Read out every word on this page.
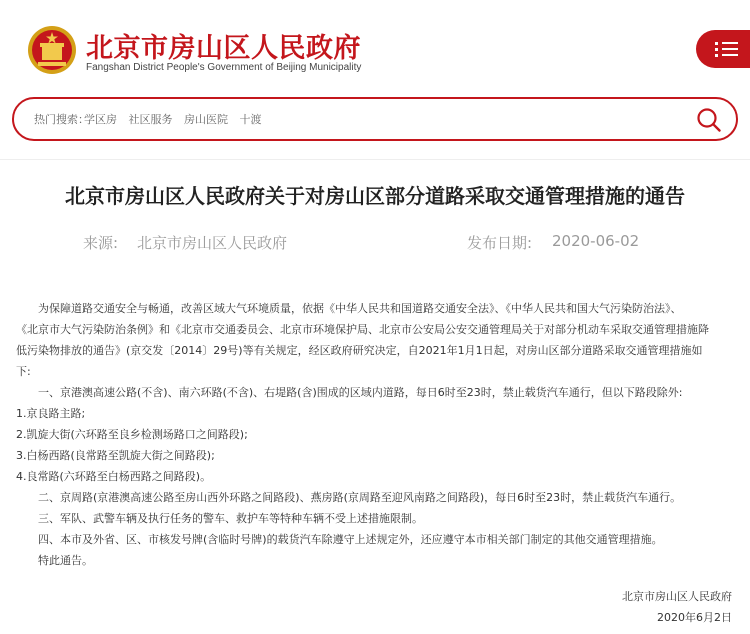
北京市房山区人民政府
Fangshan District People's Government of Beijing Municipality
热门搜索：
学区房 社区服务 房山医院 十渡
北京市房山区人民政府关于对房山区部分道路采取交通管理措施的通告
来源: 北京市房山区人民政府	发布日期: 2020-06-02

为保障道路交通安全与畅通，改善区域大气环境质量，依据《中华人民共和国道路交通安全法》、《中华人民共和国大气污染防治法》、

《北京市大气污染防治条例》和《北京市交通委员会、北京市环境保护局、北京市公安局公安交通管理局关于对部分机动车采取交通管理措施降

低污染物排放的通告》(京交发〔2014〕29号)等有关规定，经区政府研究决定，自2021年1月1日起，对房山区部分道路采取交通管理措施如

下:

一、京港澳高速公路(不含)、南六环路(不含)、右堤路(含)围成的区域内道路，每日6时至23时，禁止载货汽车通行，但以下路段除外:

1.京良路主路;

2.凯旋大街(六环路至良乡检测场路口之间路段);

3.白杨西路(良常路至凯旋大街之间路段);

4.良常路(六环路至白杨西路之间路段)。

二、京周路(京港澳高速公路至房山西外环路之间路段)、燕房路(京周路至迎风南路之间路段)，每日6时至23时，禁止载货汽车通行。

三、军队、武警车辆及执行任务的警车、救护车等特种车辆不受上述措施限制。

四、本市及外省、区、市核发号牌(含临时号牌)的载货汽车除遵守上述规定外，还应遵守本市相关部门制定的其他交通管理措施。

特此通告。

北京市房山区人民政府
2020年6月2日
